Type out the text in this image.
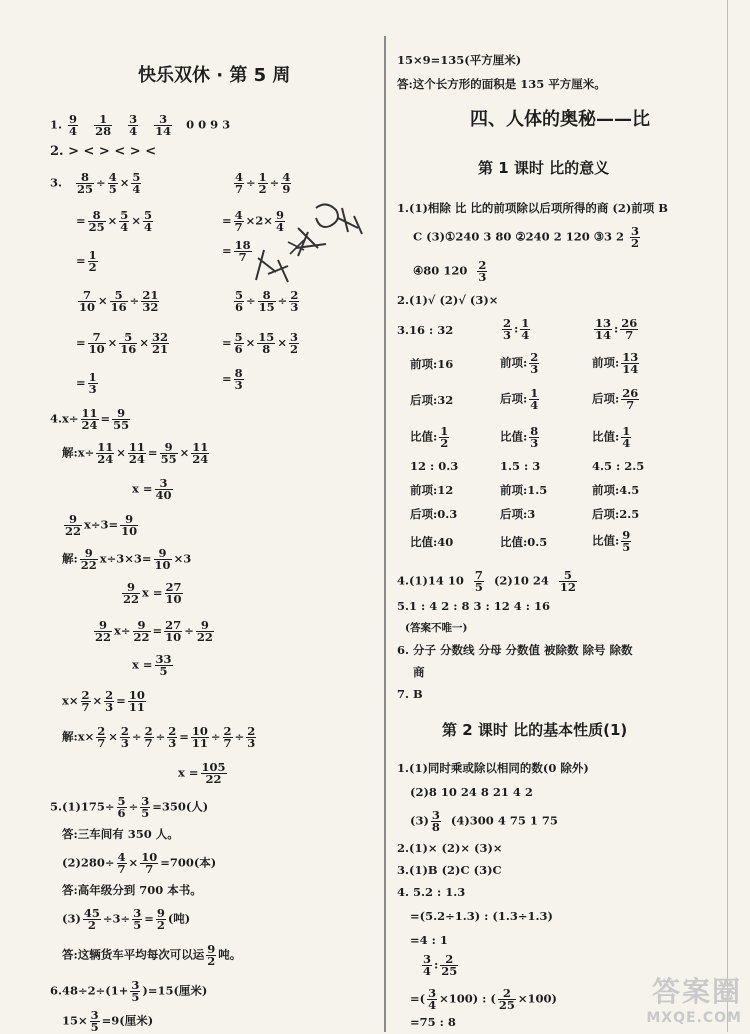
快乐双休 · 第 5 周
1. $\frac{9}{4}$
$\frac{1}{28}$
$\frac{3}{4}$
$\frac{3}{14} 0$ 0 9 3
2. > < > < > <
3. $\frac{8}{25} \div \frac{4}{5} \times \frac{5}{4}$
= $\frac{8}{25} \times \frac{5}{4} \times \frac{5}{4}$
= $\frac{1}{2}$
$\frac{4}{7} \div \frac{1}{2} \div \frac{4}{9}$
= $\frac{4}{7} \times 2\times \frac{9}{4}$
= $\frac{18}{7}$
$\frac{7}{10} \times \frac{5}{16} \div \frac{21}{32}$
= $\frac{7}{10} \times \frac{5}{16} \times \frac{32}{21}$
= $\frac{1}{3}$
$\frac{5}{6} \div \frac{8}{15} \div \frac{2}{3}$
= $\frac{5}{6} \times \frac{15}{8} \times \frac{3}{2}$
= $\frac{8}{3}$
$4.x\div \frac{11}{24} = \frac{9}{55}$
解:x÷ $\frac{11}{24} \times \frac{11}{24} = \frac{9}{55} \times \frac{11}{24}$
$x = \frac{3}{40}$
$\frac{9}{22} x\div 3= \frac{9}{10}$
解: $\frac{9}{22} x\div 3\times 3= \frac{9}{10} \times 3$
$\frac{9}{22}$ $x = \frac{27}{10}$
$\frac{9}{22} x\div \frac{9}{22} = \frac{27}{10} \div \frac{9}{22}$
$x = \frac{33}{5}$
$x\times \frac{2}{7} \times \frac{2}{3} = \frac{10}{11}$
解:x× $\frac{2}{7} \times \frac{2}{3} \div \frac{2}{7} \div \frac{2}{3} = \frac{10}{11} \div \frac{2}{7} \div \frac{2}{3}$
$x = \frac{105}{22}$
$5.(1)175\div \frac{5}{6} \div \frac{3}{5} =350$(人)
答:三车间有 350 人。
$(2)280\div \frac{4}{7} \times \frac{10}{7} =700$(本)
答:高年级分到 700 本书。
$(3) \frac{45}{2} \div 3\div \frac{3}{5} = \frac{9}{2}$ (吨)
答:这辆货车平均每次可以运 $\frac{9}{2}$ 吨。
$6.48\div 2\div(1+ \frac{3}{5} )=15$(厘米)
$15\times \frac{3}{5} =9$(厘米)
15×9=135(平方厘米)
答:这个长方形的面积是 135 平方厘米。
四、人体的奥秘——比
第 1 课时 比的意义
1.(1)相除 比 比的前项除以后项所得的商 (2)前项 B
C (3)①240 3 80 ②240 2 120 ③3 $2 \frac{3}{2}$
④80 $120 \frac{2}{3}$
2.(1)√ (2)√ (3)×
3.16 : 32	$\frac{2}{3}$ : $\frac{1}{4}$	$\frac{13}{14}$ : $\frac{26}{7}$
前项:16	前项: $\frac{2}{3}$	前项: $\frac{13}{14}$
后项:32	后项: $\frac{1}{4}$	后项: $\frac{26}{7}$
比值: $\frac{1}{2}$	比值: $\frac{8}{3}$	比值: $\frac{1}{4}$
12 : 0.3	1.5 : 3	4.5 : 2.5
前项:12	前项:1.5	前项:4.5
后项:0.3	后项:3	后项:2.5
比值:40	比值:0.5	比值: $\frac{9}{5}$
4.(1)14 $10 \frac{7}{5} (2)10$ $24 \frac{5}{12}$
5.1 : 4 2 : 8 3 : 12 4 : 16
(答案不唯一)
6. 分子 分数线 分母 分数值 被除数 除号 除数
商
7. B
第 2 课时 比的基本性质(1)
1.(1)同时乘或除以相同的数(0 除外)
(2)8 10 24 8 21 4 2
$(3) \frac{3}{8} (4)300$ 4 75 1 75
2.(1)× (2)× (3)×
3.(1)B (2)C (3)C
4. 5.2 : 1.3
=(5.2÷1.3) : (1.3÷1.3)
=4 : 1
$\frac{3}{4}$ : $\frac{2}{25}$
=( $\frac{3}{4} \times 100$) : ( $\frac{2}{25} \times 100$)
=75 : 8
答案圈
MXQE.COM
